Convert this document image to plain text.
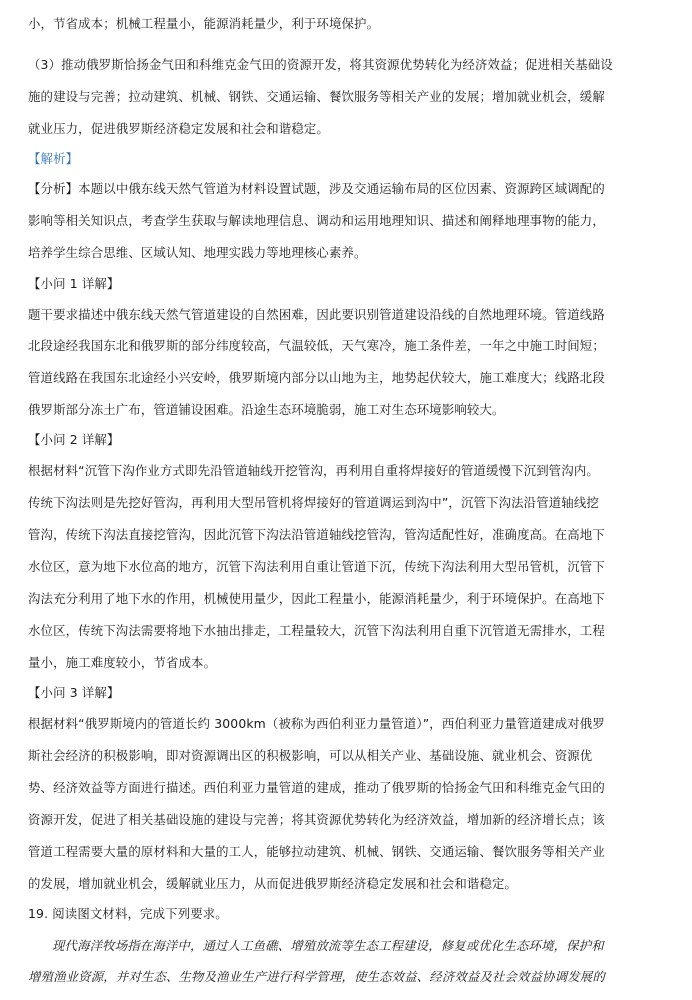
小，节省成本；机械工程量小，能源消耗量少，利于环境保护。
（3）推动俄罗斯恰扬金气田和科维克金气田的资源开发，将其资源优势转化为经济效益；促进相关基础设
施的建设与完善；拉动建筑、机械、钢铁、交通运输、餐饮服务等相关产业的发展；增加就业机会，缓解
就业压力，促进俄罗斯经济稳定发展和社会和谐稳定。
【解析】
【分析】本题以中俄东线天然气管道为材料设置试题，涉及交通运输布局的区位因素、资源跨区域调配的
影响等相关知识点，考查学生获取与解读地理信息、调动和运用地理知识、描述和阐释地理事物的能力，
培养学生综合思维、区域认知、地理实践力等地理核心素养。
【小问 1 详解】
题干要求描述中俄东线天然气管道建设的自然困难，因此要识别管道建设沿线的自然地理环境。管道线路
北段途经我国东北和俄罗斯的部分纬度较高，气温较低，天气寒冷，施工条件差，一年之中施工时间短；
管道线路在我国东北途经小兴安岭，俄罗斯境内部分以山地为主，地势起伏较大，施工难度大；线路北段
俄罗斯部分冻土广布，管道铺设困难。沿途生态环境脆弱，施工对生态环境影响较大。
【小问 2 详解】
根据材料“沉管下沟作业方式即先沿管道轴线开挖管沟，再利用自重将焊接好的管道缓慢下沉到管沟内。
传统下沟法则是先挖好管沟，再利用大型吊管机将焊接好的管道调运到沟中”，沉管下沟法沿管道轴线挖
管沟，传统下沟法直接挖管沟，因此沉管下沟法沿管道轴线挖管沟，管沟适配性好，准确度高。在高地下
水位区，意为地下水位高的地方，沉管下沟法利用自重让管道下沉，传统下沟法利用大型吊管机，沉管下
沟法充分利用了地下水的作用，机械使用量少，因此工程量小，能源消耗量少，利于环境保护。在高地下
水位区，传统下沟法需要将地下水抽出排走，工程量较大，沉管下沟法利用自重下沉管道无需排水，工程
量小，施工难度较小，节省成本。
【小问 3 详解】
根据材料“俄罗斯境内的管道长约 3000km（被称为西伯利亚力量管道）”，西伯利亚力量管道建成对俄罗
斯社会经济的积极影响，即对资源调出区的积极影响，可以从相关产业、基础设施、就业机会、资源优
势、经济效益等方面进行描述。西伯利亚力量管道的建成，推动了俄罗斯的恰扬金气田和科维克金气田的
资源开发，促进了相关基础设施的建设与完善；将其资源优势转化为经济效益，增加新的经济增长点；该
管道工程需要大量的原材料和大量的工人，能够拉动建筑、机械、钢铁、交通运输、餐饮服务等相关产业
的发展，增加就业机会，缓解就业压力，从而促进俄罗斯经济稳定发展和社会和谐稳定。
19. 阅读图文材料，完成下列要求。
现代海洋牧场指在海洋中，通过人工鱼礁、增殖放流等生态工程建设，修复或优化生态环境，保护和
增殖渔业资源，并对生态、生物及渔业生产进行科学管理，使生态效益、经济效益及社会效益协调发展的
